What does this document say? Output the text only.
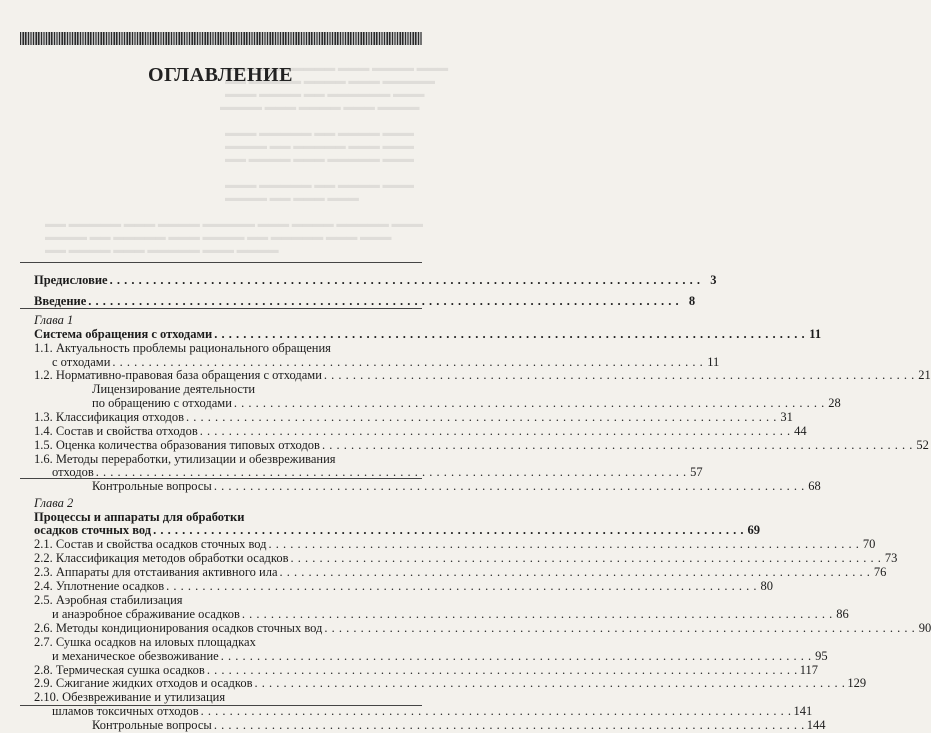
▬▬▬ ▬▬ ▬▬▬▬▬ ▬▬▬ ▬▬▬▬ ▬▬▬
▬▬ ▬▬▬▬▬ ▬▬▬▬ ▬▬▬ ▬▬▬▬▬
▬▬▬ ▬▬▬▬ ▬▬ ▬▬▬▬▬▬ ▬▬▬
▬▬▬▬ ▬▬▬ ▬▬▬▬ ▬▬▬ ▬▬▬▬

▬▬▬ ▬▬▬▬▬ ▬▬ ▬▬▬▬ ▬▬▬
▬▬▬▬ ▬▬ ▬▬▬▬▬ ▬▬▬ ▬▬▬
▬▬ ▬▬▬▬ ▬▬▬ ▬▬▬▬▬ ▬▬▬

▬▬▬ ▬▬▬▬▬ ▬▬ ▬▬▬▬ ▬▬▬
▬▬▬▬ ▬▬ ▬▬▬ ▬▬▬

▬▬ ▬▬▬▬▬ ▬▬▬ ▬▬▬▬ ▬▬▬▬▬ ▬▬▬ ▬▬▬▬ ▬▬▬▬▬ ▬▬▬
▬▬▬▬ ▬▬ ▬▬▬▬▬ ▬▬▬ ▬▬▬▬ ▬▬ ▬▬▬▬▬ ▬▬▬ ▬▬▬
▬▬ ▬▬▬▬ ▬▬▬ ▬▬▬▬▬ ▬▬▬ ▬▬▬▬
ОГЛАВЛЕНИЕ
Предисловие . . .	3
Введение . . .	8
Глава 1
Система обращения с отходами . . .	11
1.1. Актуальность проблемы рационального обращения
с отходами . . .	11
1.2. Нормативно-правовая база обращения с отходами . . .	21
Лицензирование деятельности
по обращению с отходами . . .	28
1.3. Классификация отходов . . .	31
1.4. Состав и свойства отходов . . .	44
1.5. Оценка количества образования типовых отходов . . .	52
1.6. Методы переработки, утилизации и обезвреживания
отходов . . .	57
Контрольные вопросы . . .	68
Глава 2
Процессы и аппараты для обработки
осадков сточных вод . . .	69
2.1. Состав и свойства осадков сточных вод . . .	70
2.2. Классификация методов обработки осадков . . .	73
2.3. Аппараты для отстаивания активного ила . . .	76
2.4. Уплотнение осадков . . .	80
2.5. Аэробная стабилизация
и анаэробное сбраживание осадков . . .	86
2.6. Методы кондиционирования осадков сточных вод . . .	90
2.7. Сушка осадков на иловых площадках
и механическое обезвоживание . . .	95
2.8. Термическая сушка осадков . . .	117
2.9. Сжигание жидких отходов и осадков . . .	129
2.10. Обезвреживание и утилизация
шламов токсичных отходов . . .	141
Контрольные вопросы . . .	144
